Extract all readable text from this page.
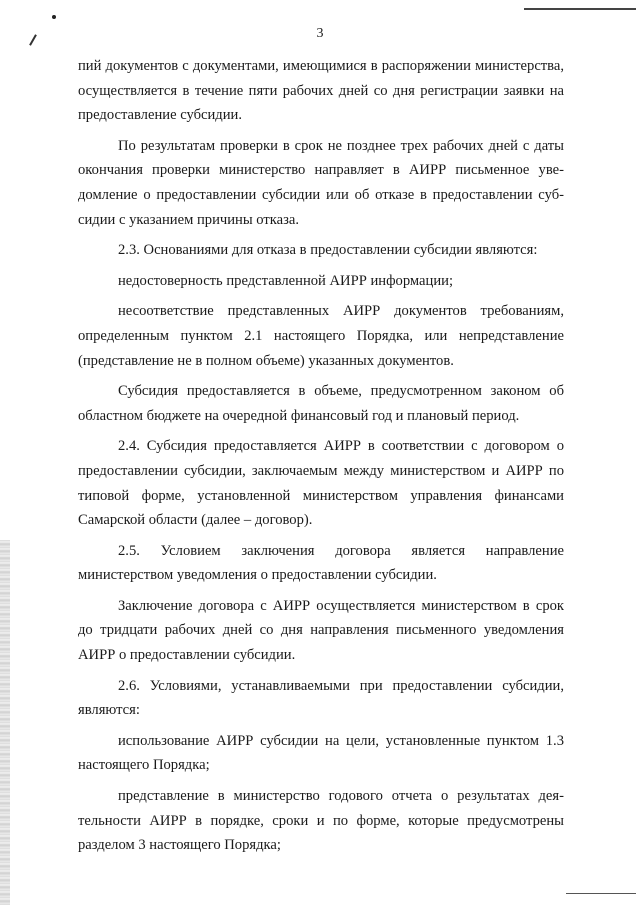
3

пий документов с документами, имеющимися в распоряжении министерства, осуществляется в течение пяти рабочих дней со дня регистрации заявки на предоставление субсидии.

По результатам проверки в срок не позднее трех рабочих дней с даты окончания проверки министерство направляет в АИРР письменное уведомление о предоставлении субсидии или об отказе в предоставлении субсидии с указанием причины отказа.

2.3. Основаниями для отказа в предоставлении субсидии являются:

недостоверность представленной АИРР информации;

несоответствие представленных АИРР документов требованиям, определенным пунктом 2.1 настоящего Порядка, или непредставление (представление не в полном объеме) указанных документов.

Субсидия предоставляется в объеме, предусмотренном законом об областном бюджете на очередной финансовый год и плановый период.

2.4. Субсидия предоставляется АИРР в соответствии с договором о предоставлении субсидии, заключаемым между министерством и АИРР по типовой форме, установленной министерством управления финансами Самарской области (далее – договор).

2.5. Условием заключения договора является направление министерством уведомления о предоставлении субсидии.

Заключение договора с АИРР осуществляется министерством в срок до тридцати рабочих дней со дня направления письменного уведомления АИРР о предоставлении субсидии.

2.6. Условиями, устанавливаемыми при предоставлении субсидии, являются:

использование АИРР субсидии на цели, установленные пунктом 1.3 настоящего Порядка;

представление в министерство годового отчета о результатах деятельности АИРР в порядке, сроки и по форме, которые предусмотрены разделом 3 настоящего Порядка;
